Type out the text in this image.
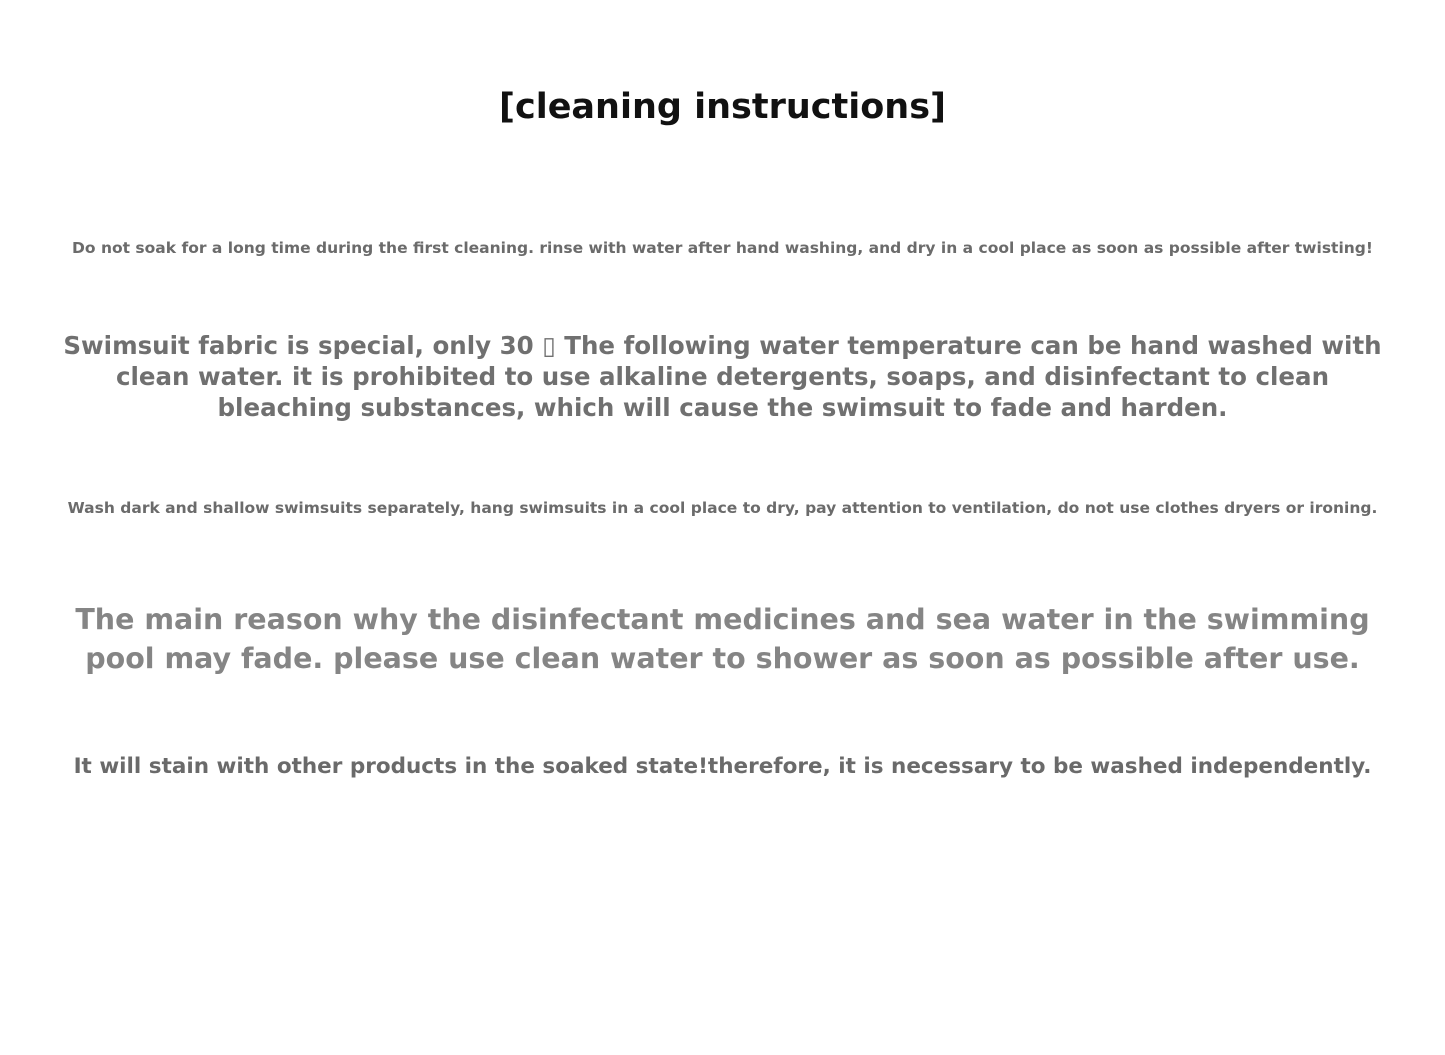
[cleaning instructions]
Do not soak for a long time during the first cleaning. rinse with water after hand washing, and dry in a cool place as soon as possible after twisting!
Swimsuit fabric is special, only 30 ▯ The following water temperature can be hand washed with
clean water. it is prohibited to use alkaline detergents, soaps, and disinfectant to clean
bleaching substances, which will cause the swimsuit to fade and harden.
Wash dark and shallow swimsuits separately, hang swimsuits in a cool place to dry, pay attention to ventilation, do not use clothes dryers or ironing.
The main reason why the disinfectant medicines and sea water in the swimming
pool may fade. please use clean water to shower as soon as possible after use.
It will stain with other products in the soaked state!therefore, it is necessary to be washed independently.
